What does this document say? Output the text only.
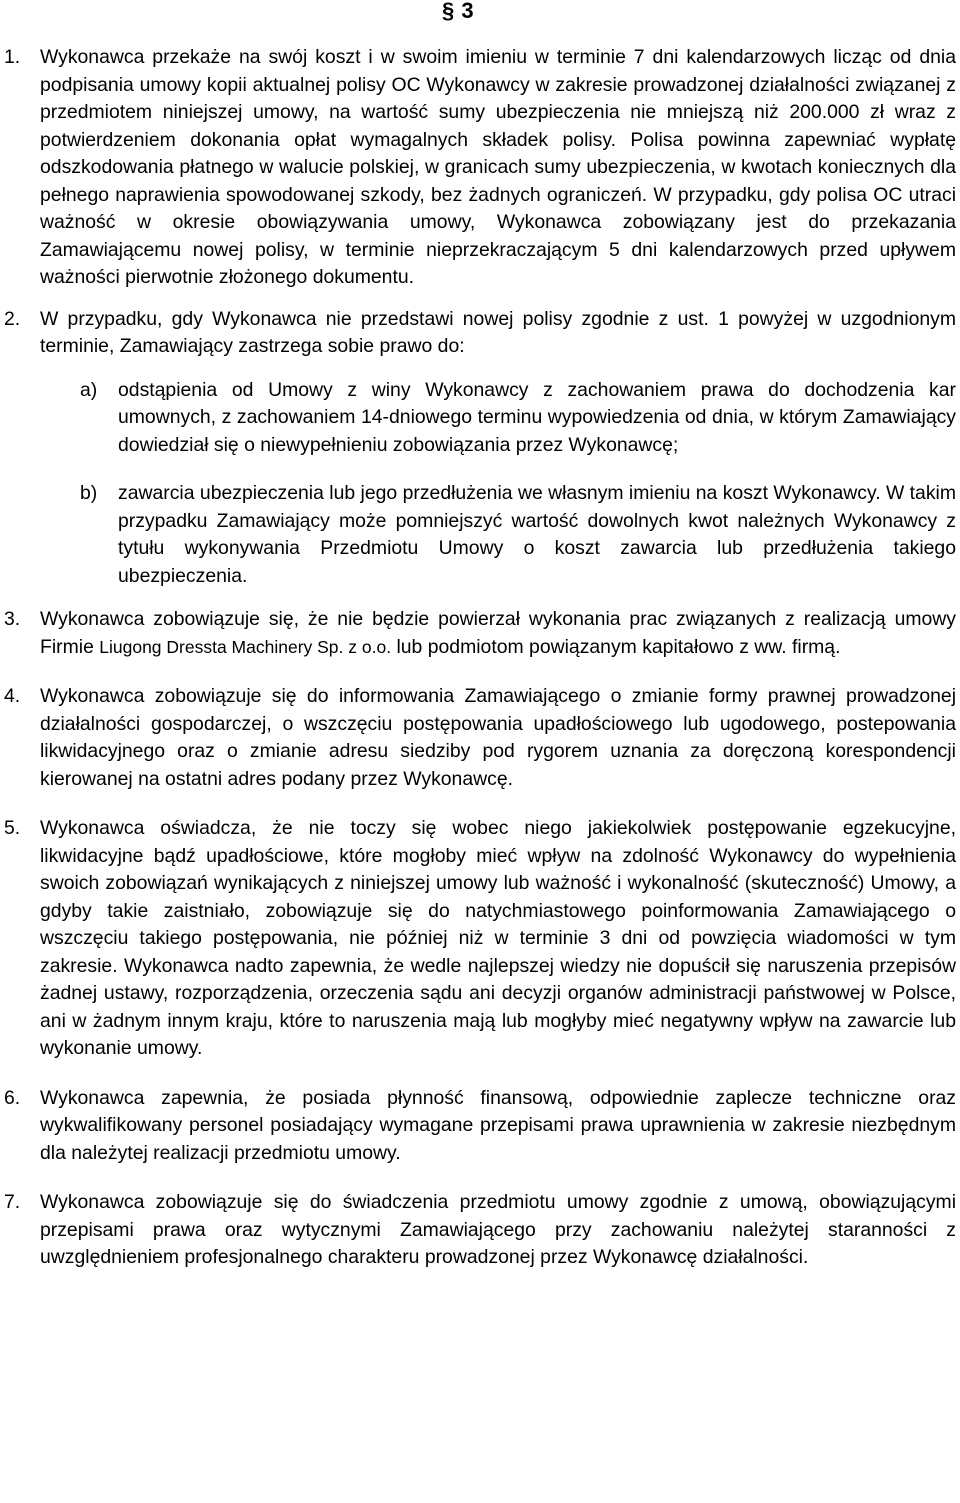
§ 3
1.	Wykonawca przekaże na swój koszt i w swoim imieniu w terminie 7 dni kalendarzowych licząc od dnia podpisania umowy kopii aktualnej polisy OC Wykonawcy w zakresie prowadzonej działalności związanej z przedmiotem niniejszej umowy, na wartość sumy ubezpieczenia nie mniejszą niż 200.000 zł wraz z potwierdzeniem dokonania opłat wymagalnych składek polisy. Polisa powinna zapewniać wypłatę odszkodowania płatnego w walucie polskiej, w granicach sumy ubezpieczenia, w kwotach koniecznych dla pełnego naprawienia spowodowanej szkody, bez żadnych ograniczeń. W przypadku, gdy polisa OC utraci ważność w okresie obowiązywania umowy, Wykonawca zobowiązany jest do przekazania Zamawiającemu nowej polisy, w terminie nieprzekraczającym 5 dni kalendarzowych przed upływem ważności pierwotnie złożonego dokumentu.
2.	W przypadku, gdy Wykonawca nie przedstawi nowej polisy zgodnie z ust. 1 powyżej w uzgodnionym terminie, Zamawiający zastrzega sobie prawo do:
a)	odstąpienia od Umowy z winy Wykonawcy z zachowaniem prawa do dochodzenia kar umownych, z zachowaniem 14-dniowego terminu wypowiedzenia od dnia, w którym Zamawiający dowiedział się o niewypełnieniu zobowiązania przez Wykonawcę;
b)	zawarcia ubezpieczenia lub jego przedłużenia we własnym imieniu na koszt Wykonawcy. W takim przypadku Zamawiający może pomniejszyć wartość dowolnych kwot należnych Wykonawcy z tytułu wykonywania Przedmiotu Umowy o koszt zawarcia lub przedłużenia takiego ubezpieczenia.
3.	Wykonawca zobowiązuje się, że nie będzie powierzał wykonania prac związanych z realizacją umowy Firmie Liugong Dressta Machinery Sp. z o.o. lub podmiotom powiązanym kapitałowo z ww. firmą.
4.	Wykonawca zobowiązuje się do informowania Zamawiającego o zmianie formy prawnej prowadzonej działalności gospodarczej, o wszczęciu postępowania upadłościowego lub ugodowego, postepowania likwidacyjnego oraz o zmianie adresu siedziby pod rygorem uznania za doręczoną korespondencji kierowanej na ostatni adres podany przez Wykonawcę.
5.	Wykonawca oświadcza, że nie toczy się wobec niego jakiekolwiek postępowanie egzekucyjne, likwidacyjne bądź upadłościowe, które mogłoby mieć wpływ na zdolność Wykonawcy do wypełnienia swoich zobowiązań wynikających z niniejszej umowy lub ważność i wykonalność (skuteczność) Umowy, a gdyby takie zaistniało, zobowiązuje się do natychmiastowego poinformowania Zamawiającego o wszczęciu takiego postępowania, nie później niż w terminie 3 dni od powzięcia wiadomości w tym zakresie. Wykonawca nadto zapewnia, że wedle najlepszej wiedzy nie dopuścił się naruszenia przepisów żadnej ustawy, rozporządzenia, orzeczenia sądu ani decyzji organów administracji państwowej w Polsce, ani w żadnym innym kraju, które to naruszenia mają lub mogłyby mieć negatywny wpływ na zawarcie lub wykonanie umowy.
6.	Wykonawca zapewnia, że posiada płynność finansową, odpowiednie zaplecze techniczne oraz wykwalifikowany personel posiadający wymagane przepisami prawa uprawnienia w zakresie niezbędnym dla należytej realizacji przedmiotu umowy.
7.	Wykonawca zobowiązuje się do świadczenia przedmiotu umowy zgodnie z umową, obowiązującymi przepisami prawa oraz wytycznymi Zamawiającego przy zachowaniu należytej staranności z uwzględnieniem profesjonalnego charakteru prowadzonej przez Wykonawcę działalności.
